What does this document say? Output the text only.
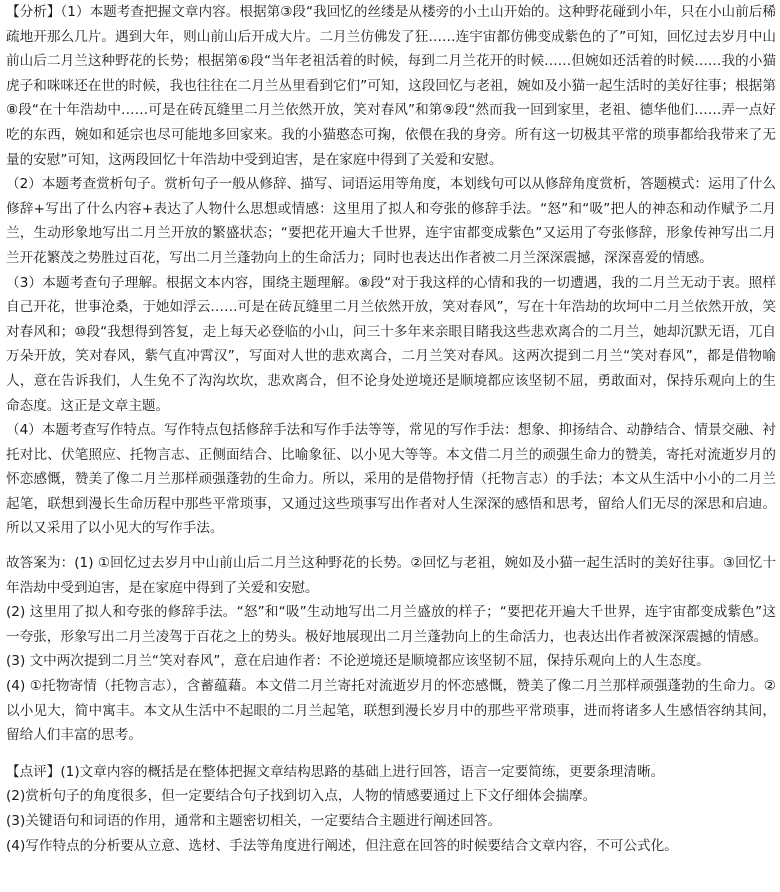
【分析】（1）本题考查把握文章内容。根据第③段“我回忆的丝缕是从楼旁的小土山开始的。这种野花碰到小年，只在小山前后稀疏地开那么几片。遇到大年，则山前山后开成大片。二月兰仿佛发了狂……连宇宙都仿佛变成紫色的了”可知，回忆过去岁月中山前山后二月兰这种野花的长势；根据第⑥段“当年老祖活着的时候，每到二月兰花开的时候……但婉如还活着的时候……我的小猫虎子和咪咪还在世的时候，我也往往在二月兰丛里看到它们”可知，这段回忆与老祖，婉如及小猫一起生活时的美好往事；根据第⑧段“在十年浩劫中……可是在砖瓦缝里二月兰依然开放，笑对春风”和第⑨段“然而我一回到家里，老祖、德华他们……弄一点好吃的东西，婉如和延宗也尽可能地多回家来。我的小猫憨态可掬，依偎在我的身旁。所有这一切极其平常的琐事都给我带来了无量的安慰”可知，这两段回忆十年浩劫中受到迫害，是在家庭中得到了关爱和安慰。

（2）本题考查赏析句子。赏析句子一般从修辞、描写、词语运用等角度，本划线句可以从修辞角度赏析，答题模式：运用了什么修辞+写出了什么内容+表达了人物什么思想或情感：这里用了拟人和夸张的修辞手法。“怒”和“吸”把人的神态和动作赋予二月兰，生动形象地写出二月兰开放的繁盛状态；“要把花开遍大千世界，连宇宙都变成紫色”又运用了夸张修辞，形象传神写出二月兰开花繁茂之势胜过百花，写出二月兰蓬勃向上的生命活力；同时也表达出作者被二月兰深深震撼，深深喜爱的情感。

（3）本题考查句子理解。根据文本内容，围绕主题理解。⑧段“对于我这样的心情和我的一切遭遇，我的二月兰无动于衷。照样自己开花，世事沧桑，于她如浮云……可是在砖瓦缝里二月兰依然开放，笑对春风”，写在十年浩劫的坎坷中二月兰依然开放，笑对春风和；⑩段“我想得到答复，走上每天必登临的小山，问三十多年来亲眼目睹我这些悲欢离合的二月兰，她却沉默无语，兀自万朵开放，笑对春风，紫气直冲霄汉”，写面对人世的悲欢离合，二月兰笑对春风。这两次提到二月兰“笑对春风”，都是借物喻人，意在告诉我们，人生免不了沟沟坎坎，悲欢离合，但不论身处逆境还是顺境都应该坚韧不屈，勇敢面对，保持乐观向上的生命态度。这正是文章主题。

（4）本题考查写作特点。写作特点包括修辞手法和写作手法等等，常见的写作手法：想象、抑扬结合、动静结合、情景交融、衬托对比、伏笔照应、托物言志、正侧面结合、比喻象征、以小见大等等。本文借二月兰的顽强生命力的赞美，寄托对流逝岁月的怀恋感慨，赞美了像二月兰那样顽强蓬勃的生命力。所以，采用的是借物抒情（托物言志）的手法；本文从生活中小小的二月兰起笔，联想到漫长生命历程中那些平常琐事，又通过这些琐事写出作者对人生深深的感悟和思考，留给人们无尽的深思和启迪。所以又采用了以小见大的写作手法。

故答案为：(1) ①回忆过去岁月中山前山后二月兰这种野花的长势。②回忆与老祖，婉如及小猫一起生活时的美好往事。③回忆十年浩劫中受到迫害，是在家庭中得到了关爱和安慰。

(2) 这里用了拟人和夸张的修辞手法。“怒”和“吸”生动地写出二月兰盛放的样子；“要把花开遍大千世界，连宇宙都变成紫色”这一夸张，形象写出二月兰凌驾于百花之上的势头。极好地展现出二月兰蓬勃向上的生命活力，也表达出作者被深深震撼的情感。

(3) 文中两次提到二月兰“笑对春风”，意在启迪作者：不论逆境还是顺境都应该坚韧不屈，保持乐观向上的人生态度。

(4) ①托物寄情（托物言志），含蓄蕴藉。本文借二月兰寄托对流逝岁月的怀恋感慨，赞美了像二月兰那样顽强蓬勃的生命力。②以小见大，简中寓丰。本文从生活中不起眼的二月兰起笔，联想到漫长岁月中的那些平常琐事，进而将诸多人生感悟容纳其间，留给人们丰富的思考。

【点评】(1)文章内容的概括是在整体把握文章结构思路的基础上进行回答，语言一定要简练，更要条理清晰。

(2)赏析句子的角度很多，但一定要结合句子找到切入点，人物的情感要通过上下文仔细体会揣摩。

(3)关键语句和词语的作用，通常和主题密切相关，一定要结合主题进行阐述回答。

(4)写作特点的分析要从立意、选材、手法等角度进行阐述，但注意在回答的时候要结合文章内容，不可公式化。
